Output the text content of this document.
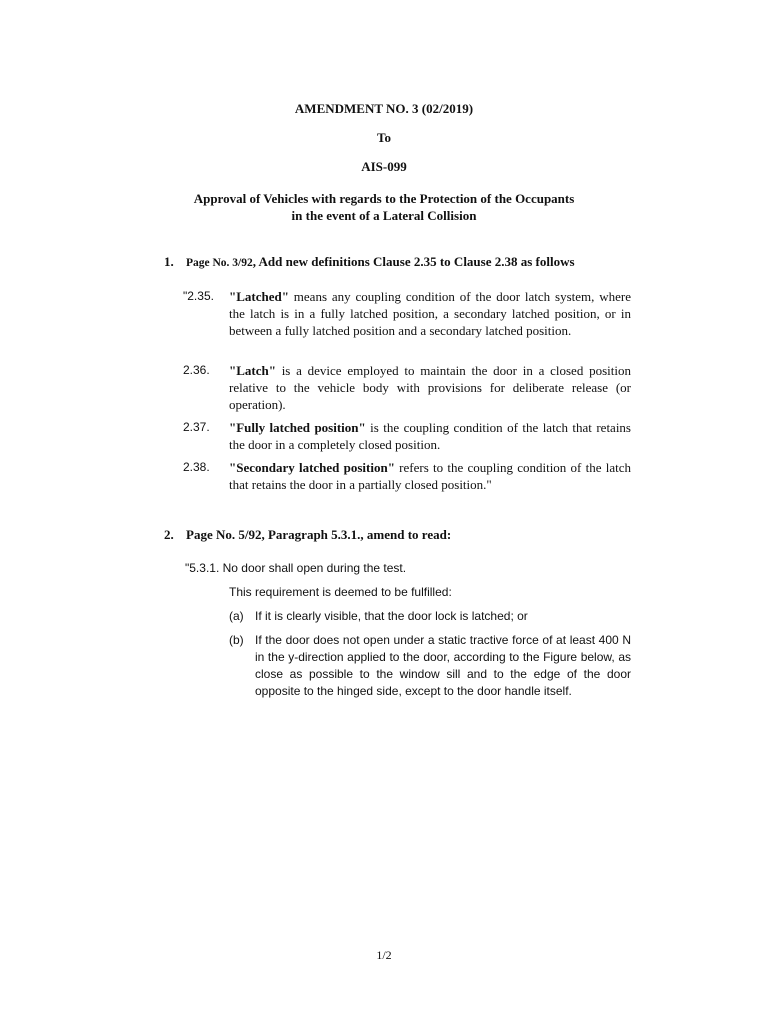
AMENDMENT NO. 3 (02/2019)
To
AIS-099
Approval of Vehicles with regards to the Protection of the Occupants
in the event of a Lateral Collision
1. Page No. 3/92, Add new definitions Clause 2.35 to Clause 2.38 as follows
"2.35. "Latched" means any coupling condition of the door latch system, where the latch is in a fully latched position, a secondary latched position, or in between a fully latched position and a secondary latched position.
2.36. "Latch" is a device employed to maintain the door in a closed position relative to the vehicle body with provisions for deliberate release (or operation).
2.37. "Fully latched position" is the coupling condition of the latch that retains the door in a completely closed position.
2.38. "Secondary latched position" refers to the coupling condition of the latch that retains the door in a partially closed position."
2. Page No. 5/92, Paragraph 5.3.1., amend to read:
"5.3.1. No door shall open during the test.
This requirement is deemed to be fulfilled:
(a) If it is clearly visible, that the door lock is latched; or
(b) If the door does not open under a static tractive force of at least 400 N in the y-direction applied to the door, according to the Figure below, as close as possible to the window sill and to the edge of the door opposite to the hinged side, except to the door handle itself.
1/2
